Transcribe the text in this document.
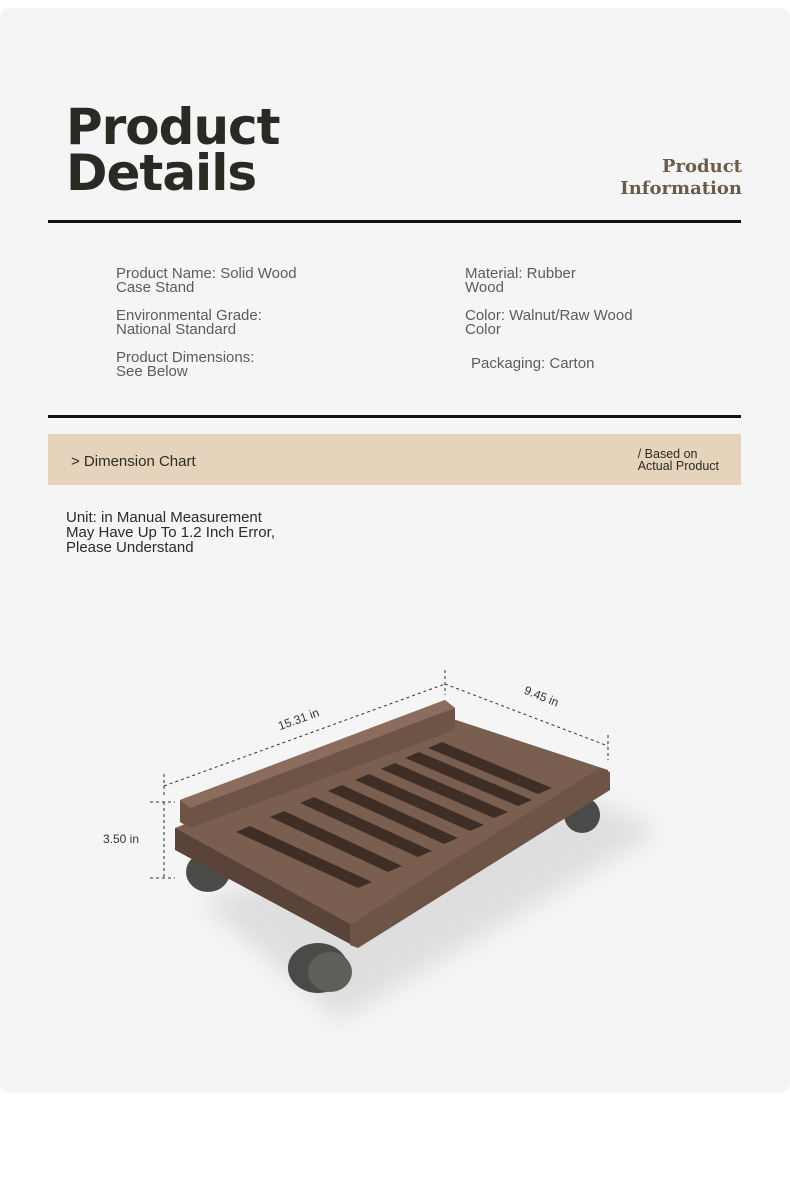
Product
Details	Product
Information
Product Name: Solid Wood
Case Stand
Material: Rubber
Wood
Environmental Grade:
National Standard
Color: Walnut/Raw Wood
Color
Product Dimensions:
See Below	Packaging: Carton
> Dimension Chart	/ Based on
Actual Product
Unit: in Manual Measurement
May Have Up To 1.2 Inch Error,
Please Understand
15.31 in
9.45 in
3.50 in
